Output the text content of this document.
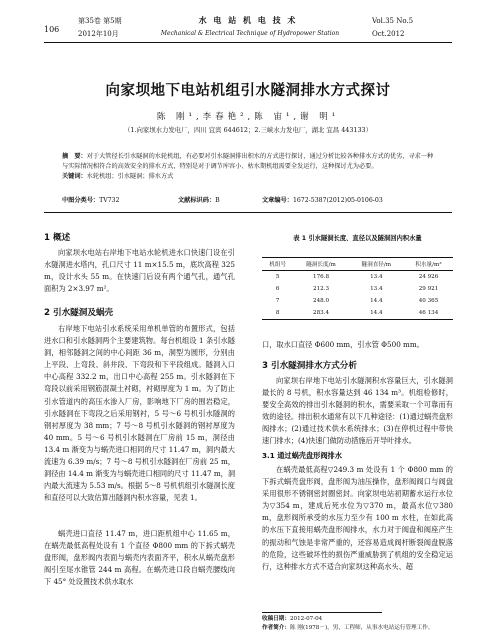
第35卷 第5期
2012年10月
106
水 电 站 机 电 技 术
Mechanical & Electrical Technique of Hydropower Station
Vol.35 No.5
Oct.2012
向家坝地下电站机组引水隧洞排水方式探讨
陈 刚¹,李春艳²,陈 宙¹,谢 明¹
（1.向家坝水力发电厂，四川 宜宾 644612；2.三峡水力发电厂，湖北 宜昌 443133）
摘　要：对于大管径长引水隧洞的水轮机组，有必要对引水隧洞排出积水的方式进行探讨，通过分析比较各种排水方式的优劣，寻求一种与实际情况相符合的高效安全的排水方式，特别是对于调节库容小、枯水期机组需要全发运行，这种探讨尤为必要。
关键词：水轮机组；引水隧洞；排水方式
中图分类号：TV732	文献标识码：B	文章编号：1672-5387(2012)05-0106-03
1 概述
向家坝水电站右岸地下电站水轮机进水口快速门设在引水隧洞进水塔内，孔口尺寸 11 m×15.5 m，底坎高程 325 m，设计水头 55 m。在快速门后设有两个通气孔，通气孔面积为 2×3.97 m²。
2 引水隧洞及蜗壳
右岸地下电站引水系统采用单机单管的布置形式，包括进水口和引水隧洞两个主要建筑物。每台机组设 1 条引水隧洞，相邻隧洞之间的中心间距 36 m，洞型为圆形，分别由上平段、上弯段、斜井段、下弯段和下平段组成。隧洞入口中心高程 332.2 m，出口中心高程 255 m。引水隧洞在下弯段以前采用钢筋混凝土衬砌，衬砌厚度为 1 m。为了防止引水管道内的高压水渗入厂房，影响地下厂房的围岩稳定，引水隧洞在下弯段之后采用钢衬，5 号～6 号机引水隧洞的钢衬厚度为 38 mm；7 号～8 号机引水隧洞的钢衬厚度为 40 mm。5 号～6 号机引水隧洞在厂房前 15 m，洞径由 13.4 m 渐变为与蜗壳进口相同的尺寸 11.47 m，洞内最大流速为 6.39 m/s；7 号～8 号机引水隧洞在厂房前 25 m，洞径由 14.4 m 渐变为与蜗壳进口相同的尺寸 11.47 m，洞内最大流速为 5.53 m/s。根据 5～8 号机机组引水隧洞长度和直径可以大致估算出隧洞内积水容量，见表 1。
蜗壳进口直径 11.47 m，进口距机组中心 11.65 m，在蜗壳最低高程处设有 1 个直径 Φ800 mm 的下拆式蜗壳盘形阀，盘形阀内表面与蜗壳内表面齐平，积水从蜗壳盘形阀引至尾水锥管 244 m 高程。在蜗壳进口段自蜗壳腰线向下 45° 处设置技术供水取水
表 1 引水隧洞长度、直径以及隧洞回内积水量
机组号	隧洞长度/m	隧洞直径/m	积水量/m³
5	176.8	13.4	24 926
6	212.3	13.4	29 921
7	248.0	14.4	40 365
8	283.4	14.4	46 134
口，取水口直径 Φ600 mm，引水管 Φ500 mm。
3 引水隧洞排水方式分析
向家坝右岸地下电站引水隧洞积水容量巨大，引水隧洞最长的 8 号机，积水容量达到 46 134 m³。机组检修时，要安全高效的排出引水隧洞的积水，需要采取一个可靠而有效的途径。排出积水通常有以下几种途径：(1)通过蜗壳盘形阀排水；(2)通过技术供水系统排水；(3)在停机过程中带快速门排水；(4)快速门做防动措施后开导叶排水。
3.1 通过蜗壳盘形阀排水
在蜗壳最低高程▽249.3 m 处设有 1 个 Φ800 mm 的下拆式蜗壳盘形阀，盘形阀为油压操作，盘形阀阀口与阀盘采用很形不锈钢密封圈密封。向家坝电站初期蓄水运行水位为▽354 m，建成后死水位为▽370 m，最高水位▽380 m，盘形阀所承受的水压力至少有 100 m 水柱，在如此高的水压下直接用蜗壳盘形阀排水，水力对于阀盘和阀座产生的振动和气蚀是非常严重的，还容易造成阀杆断裂阀盘脱落的危险，这些破坏性的损伤严重威胁到了机组的安全稳定运行，这种排水方式不适合向家坝这种高水头、超
收稿日期：2012-07-04
作者简介：陈 刚(1978－)，男，工程师，从事水电站运行管理工作。
